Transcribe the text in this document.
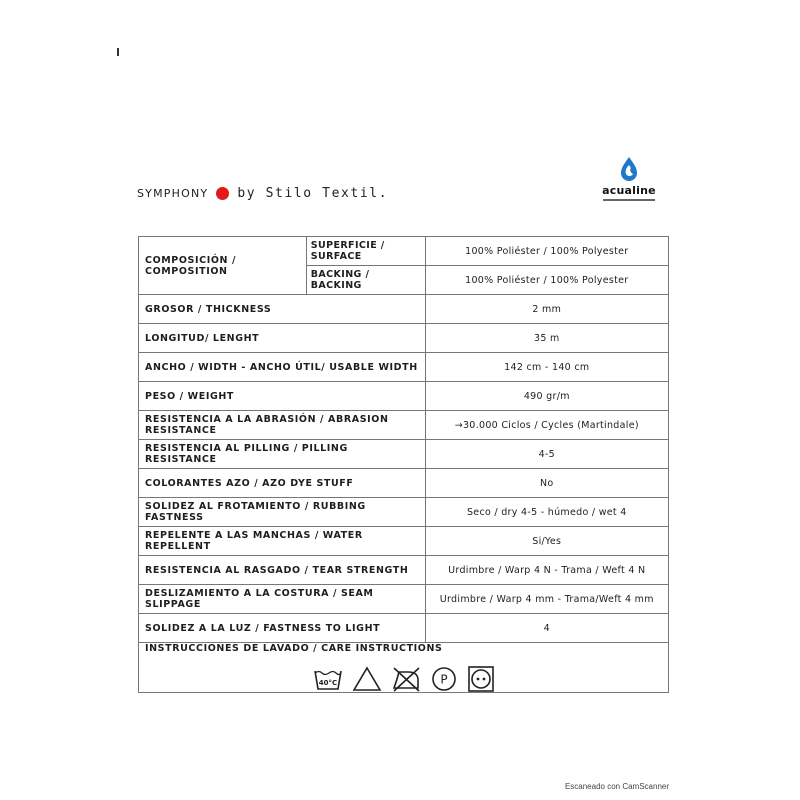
SYMPHONY by Stilo Textil.	acualine
COMPOSICIÓN / COMPOSITION	SUPERFICIE / SURFACE	100% Poliéster / 100% Polyester
	BACKING / BACKING	100% Poliéster / 100% Polyester
GROSOR / THICKNESS		2 mm
LONGITUD/ LENGHT		35 m
ANCHO / WIDTH - ANCHO ÚTIL/ USABLE WIDTH		142 cm - 140 cm
PESO / WEIGHT		490 gr/m
RESISTENCIA A LA ABRASIÓN / ABRASION RESISTANCE		→30.000 Ciclos / Cycles (Martindale)
RESISTENCIA AL PILLING / PILLING RESISTANCE		4-5
COLORANTES AZO / AZO DYE STUFF		No
SOLIDEZ AL FROTAMIENTO / RUBBING FASTNESS		Seco / dry 4-5 - húmedo / wet 4
REPELENTE A LAS MANCHAS / WATER REPELLENT		Si/Yes
RESISTENCIA AL RASGADO / TEAR STRENGTH		Urdimbre / Warp 4 N - Trama / Weft 4 N
DESLIZAMIENTO A LA COSTURA / SEAM SLIPPAGE		Urdimbre / Warp 4 mm - Trama/Weft 4 mm
SOLIDEZ A LA LUZ / FASTNESS TO LIGHT		4

INSTRUCCIONES DE LAVADO / CARE INSTRUCTIONS
40°C P		
Escaneado con CamScanner
